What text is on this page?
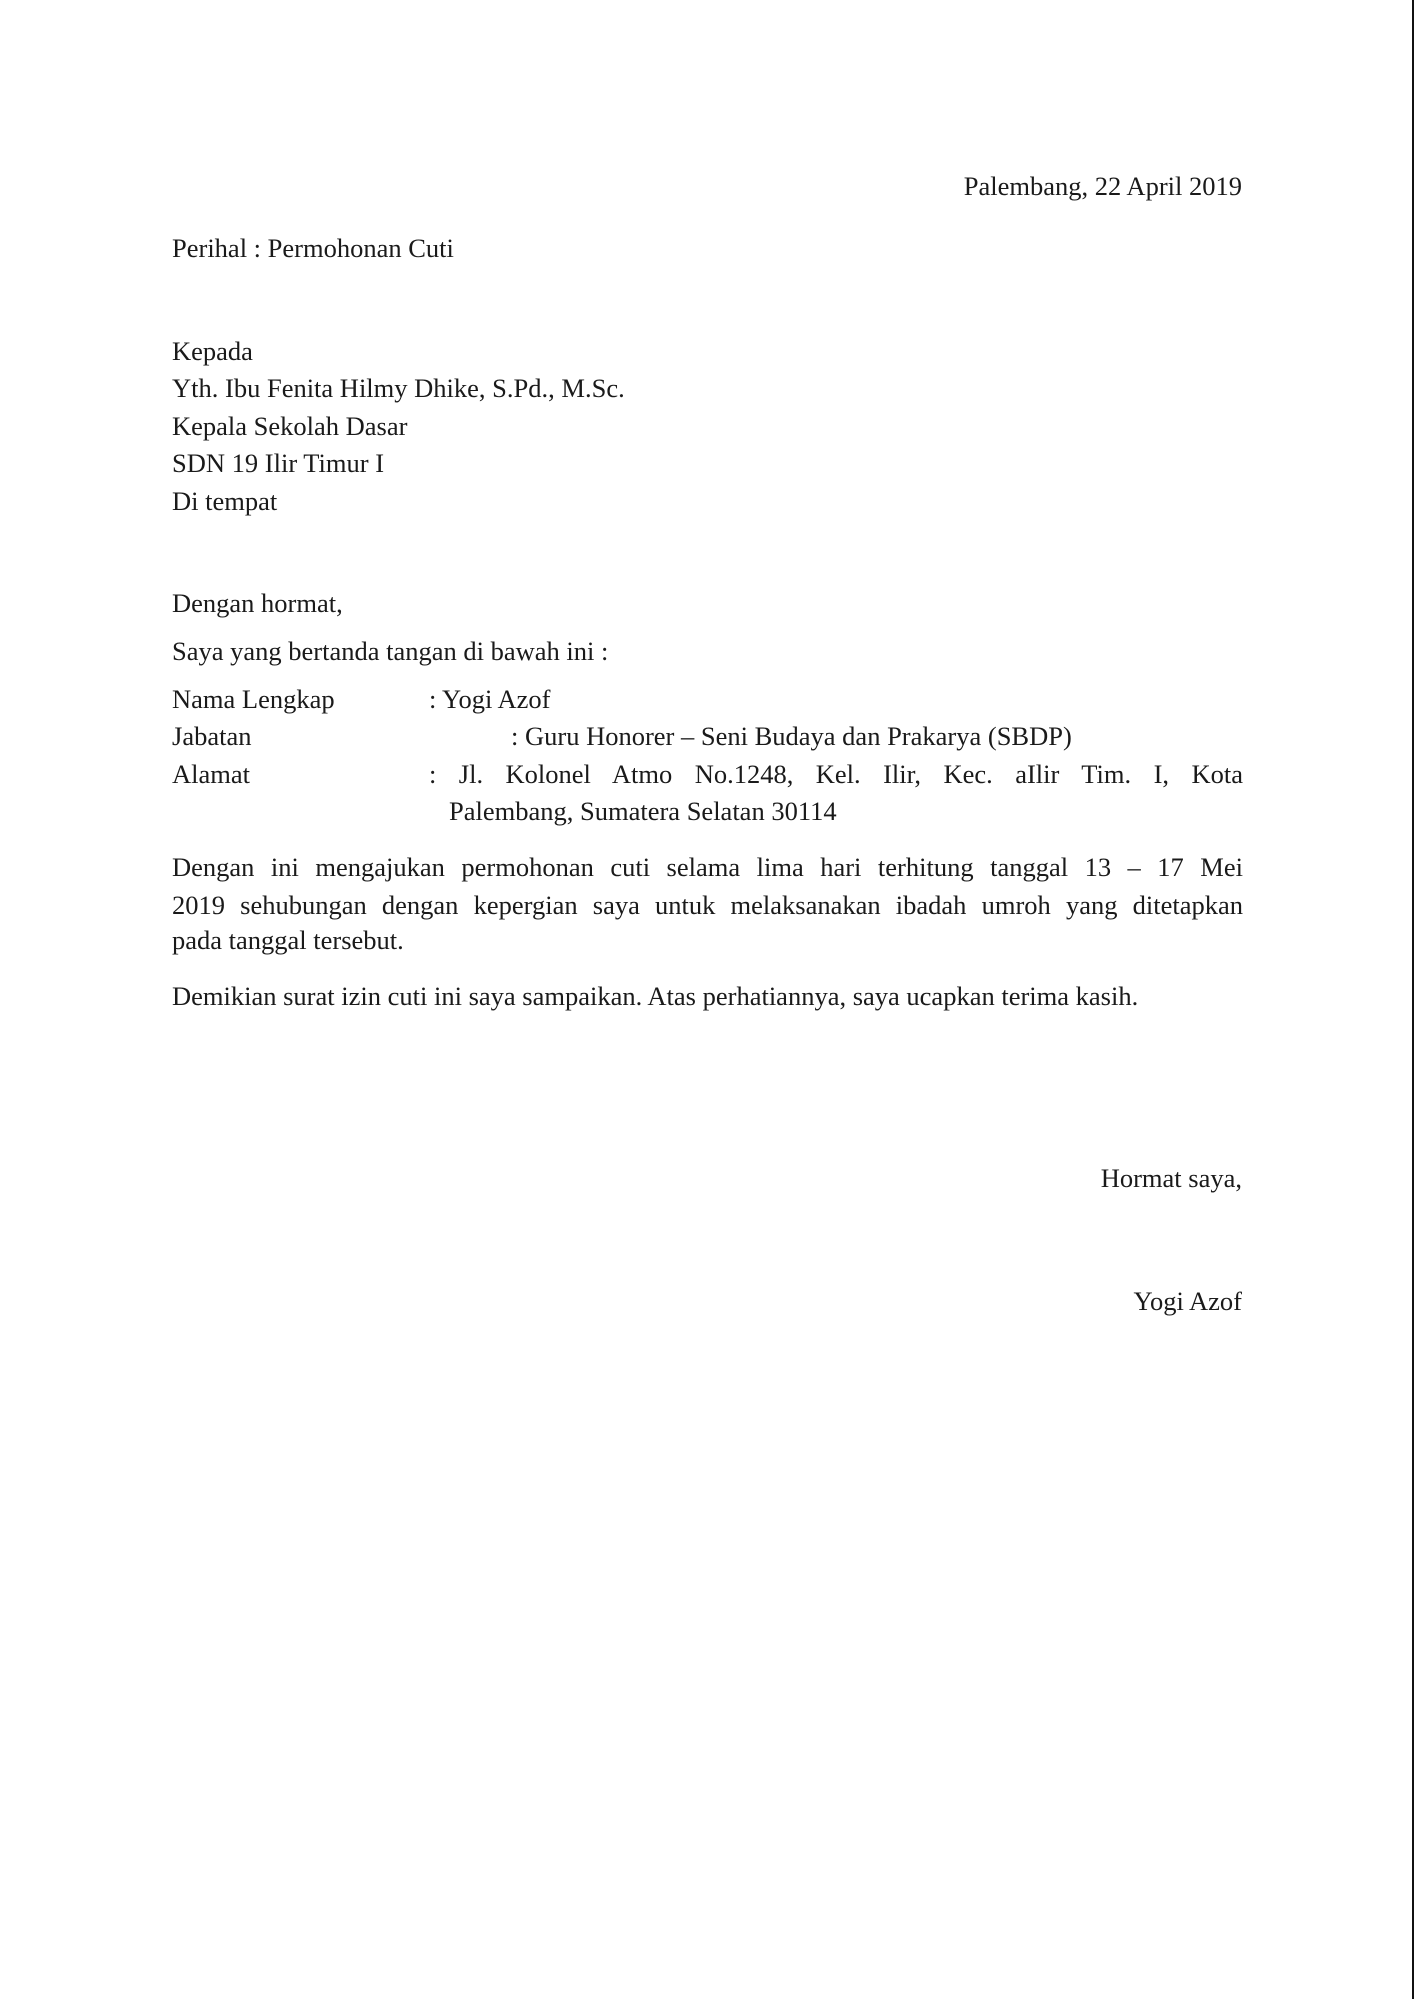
Palembang, 22 April 2019
Perihal : Permohonan Cuti
Kepada
Yth. Ibu Fenita Hilmy Dhike, S.Pd., M.Sc.
Kepala Sekolah Dasar
SDN 19 Ilir Timur I
Di tempat
Dengan hormat,
Saya yang bertanda tangan di bawah ini :
Nama Lengkap	: Yogi Azof
Jabatan	: Guru Honorer – Seni Budaya dan Prakarya (SBDP)
Alamat	: Jl. Kolonel Atmo No.1248, Kel. Ilir, Kec. aIlir Tim. I, Kota
Palembang, Sumatera Selatan 30114
Dengan ini mengajukan permohonan cuti selama lima hari terhitung tanggal 13 – 17 Mei
2019 sehubungan dengan kepergian saya untuk melaksanakan ibadah umroh yang ditetapkan
pada tanggal tersebut.
Demikian surat izin cuti ini saya sampaikan. Atas perhatiannya, saya ucapkan terima kasih.
Hormat saya,
Yogi Azof
